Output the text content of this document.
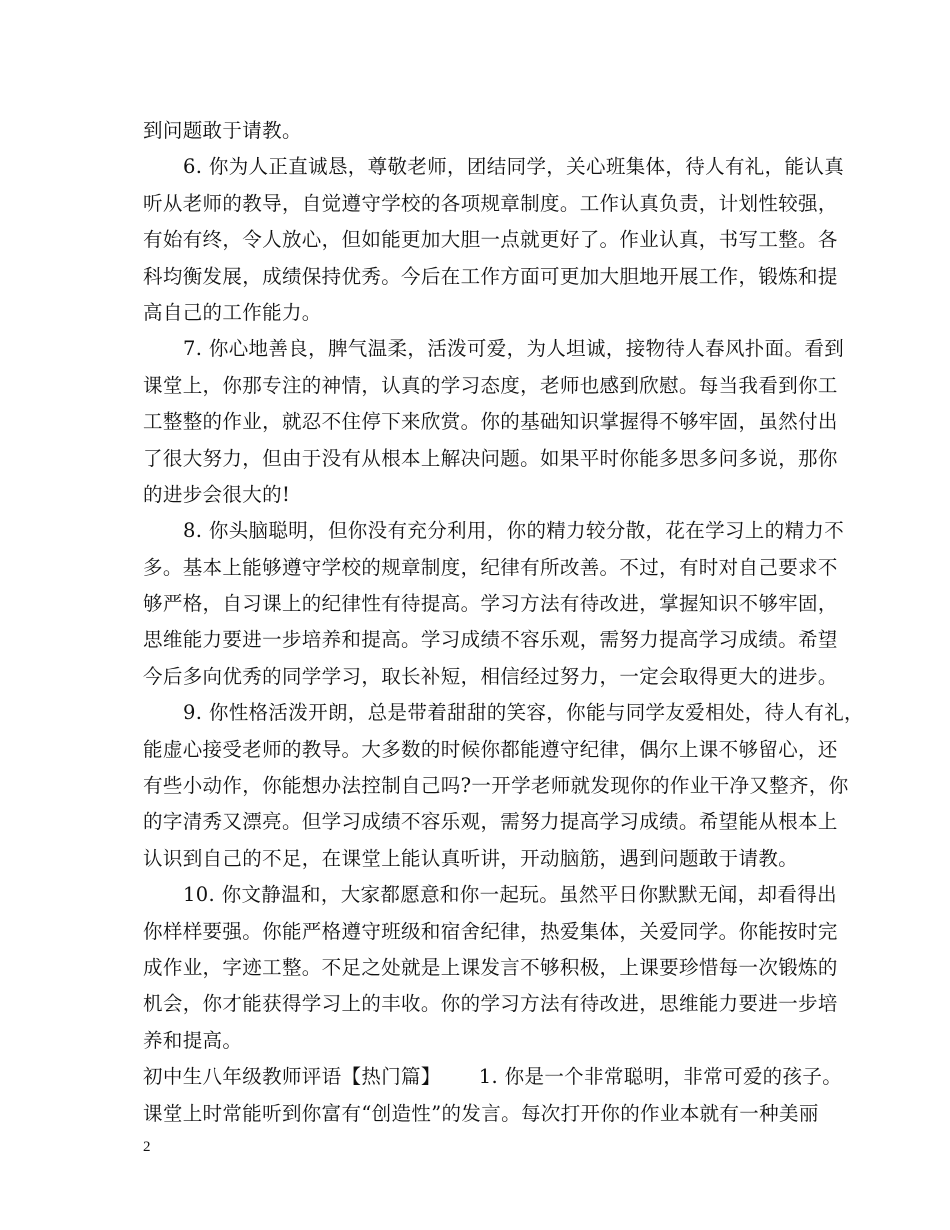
到问题敢于请教。
6. 你为人正直诚恳，尊敬老师，团结同学，关心班集体，待人有礼，能认真
听从老师的教导，自觉遵守学校的各项规章制度。工作认真负责，计划性较强，
有始有终，令人放心，但如能更加大胆一点就更好了。作业认真，书写工整。各
科均衡发展，成绩保持优秀。今后在工作方面可更加大胆地开展工作，锻炼和提
高自己的工作能力。
7. 你心地善良，脾气温柔，活泼可爱，为人坦诚，接物待人春风扑面。看到
课堂上，你那专注的神情，认真的学习态度，老师也感到欣慰。每当我看到你工
工整整的作业，就忍不住停下来欣赏。你的基础知识掌握得不够牢固，虽然付出
了很大努力，但由于没有从根本上解决问题。如果平时你能多思多问多说，那你
的进步会很大的!
8. 你头脑聪明，但你没有充分利用，你的精力较分散，花在学习上的精力不
多。基本上能够遵守学校的规章制度，纪律有所改善。不过，有时对自己要求不
够严格，自习课上的纪律性有待提高。学习方法有待改进，掌握知识不够牢固，
思维能力要进一步培养和提高。学习成绩不容乐观，需努力提高学习成绩。希望
今后多向优秀的同学学习，取长补短，相信经过努力，一定会取得更大的进步。
9. 你性格活泼开朗，总是带着甜甜的笑容，你能与同学友爱相处，待人有礼，
能虚心接受老师的教导。大多数的时候你都能遵守纪律，偶尔上课不够留心，还
有些小动作，你能想办法控制自己吗?一开学老师就发现你的作业干净又整齐，你
的字清秀又漂亮。但学习成绩不容乐观，需努力提高学习成绩。希望能从根本上
认识到自己的不足，在课堂上能认真听讲，开动脑筋，遇到问题敢于请教。
10. 你文静温和，大家都愿意和你一起玩。虽然平日你默默无闻，却看得出
你样样要强。你能严格遵守班级和宿舍纪律，热爱集体，关爱同学。你能按时完
成作业，字迹工整。不足之处就是上课发言不够积极，上课要珍惜每一次锻炼的
机会，你才能获得学习上的丰收。你的学习方法有待改进，思维能力要进一步培
养和提高。
初中生八年级教师评语【热门篇】 1. 你是一个非常聪明，非常可爱的孩子。
课堂上时常能听到你富有“创造性”的发言。每次打开你的作业本就有一种美丽
2
